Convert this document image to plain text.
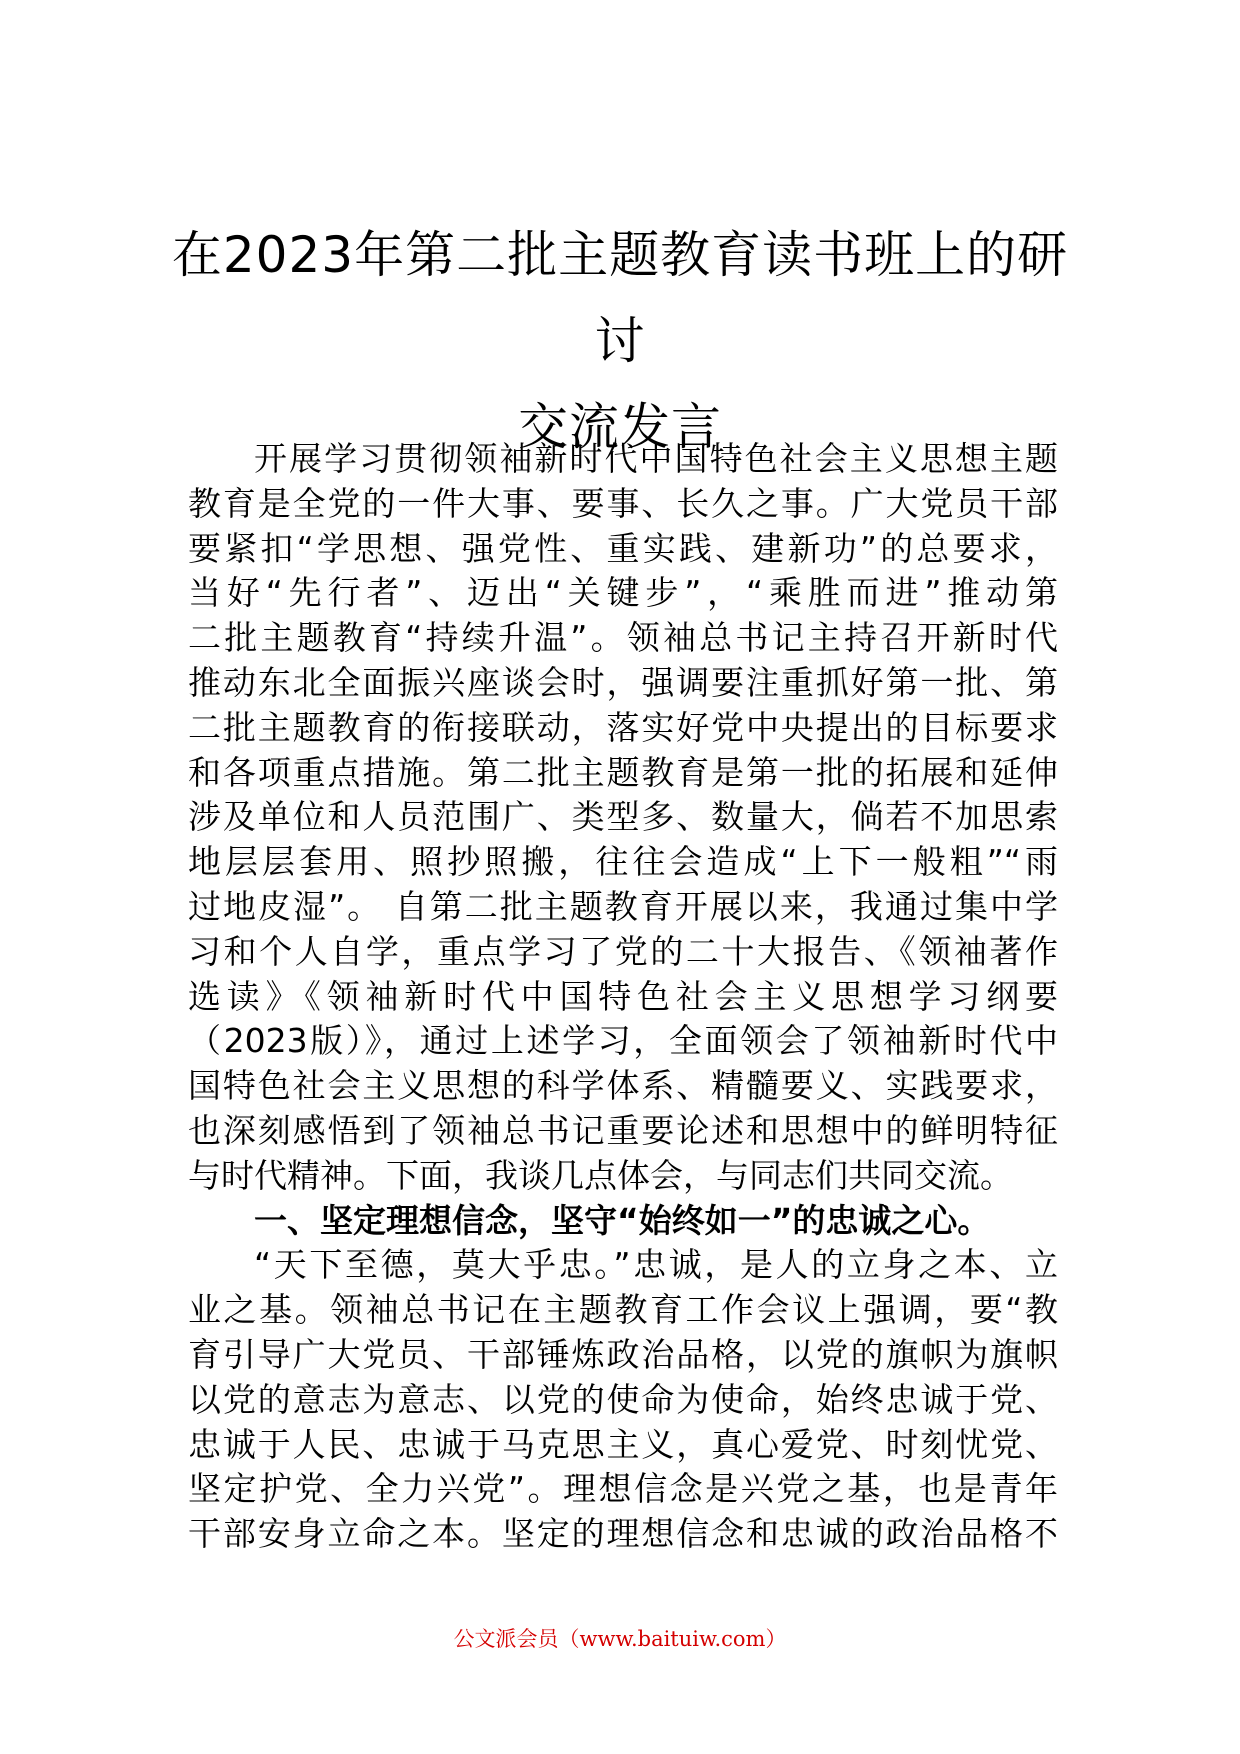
在2023年第二批主题教育读书班上的研讨
交流发言
开展学习贯彻领袖新时代中国特色社会主义思想主题
教育是全党的一件大事、要事、长久之事。广大党员干部
要紧扣“学思想、强党性、重实践、建新功”的总要求，
当好“先行者”、迈出“关键步”，“乘胜而进”推动第
二批主题教育“持续升温”。领袖总书记主持召开新时代
推动东北全面振兴座谈会时，强调要注重抓好第一批、第
二批主题教育的衔接联动，落实好党中央提出的目标要求
和各项重点措施。第二批主题教育是第一批的拓展和延伸
涉及单位和人员范围广、类型多、数量大，倘若不加思索
地层层套用、照抄照搬，往往会造成“上下一般粗”“雨
过地皮湿”。 自第二批主题教育开展以来，我通过集中学
习和个人自学，重点学习了党的二十大报告、《领袖著作
选读》《领袖新时代中国特色社会主义思想学习纲要
（2023版）》，通过上述学习，全面领会了领袖新时代中
国特色社会主义思想的科学体系、精髓要义、实践要求，
也深刻感悟到了领袖总书记重要论述和思想中的鲜明特征
与时代精神。下面，我谈几点体会，与同志们共同交流。
一、坚定理想信念，坚守“始终如一”的忠诚之心。
“天下至德，莫大乎忠。”忠诚，是人的立身之本、立
业之基。领袖总书记在主题教育工作会议上强调，要“教
育引导广大党员、干部锤炼政治品格，以党的旗帜为旗帜
以党的意志为意志、以党的使命为使命，始终忠诚于党、
忠诚于人民、忠诚于马克思主义，真心爱党、时刻忧党、
坚定护党、全力兴党”。理想信念是兴党之基，也是青年
干部安身立命之本。坚定的理想信念和忠诚的政治品格不
公文派会员（www.baituiw.com）
